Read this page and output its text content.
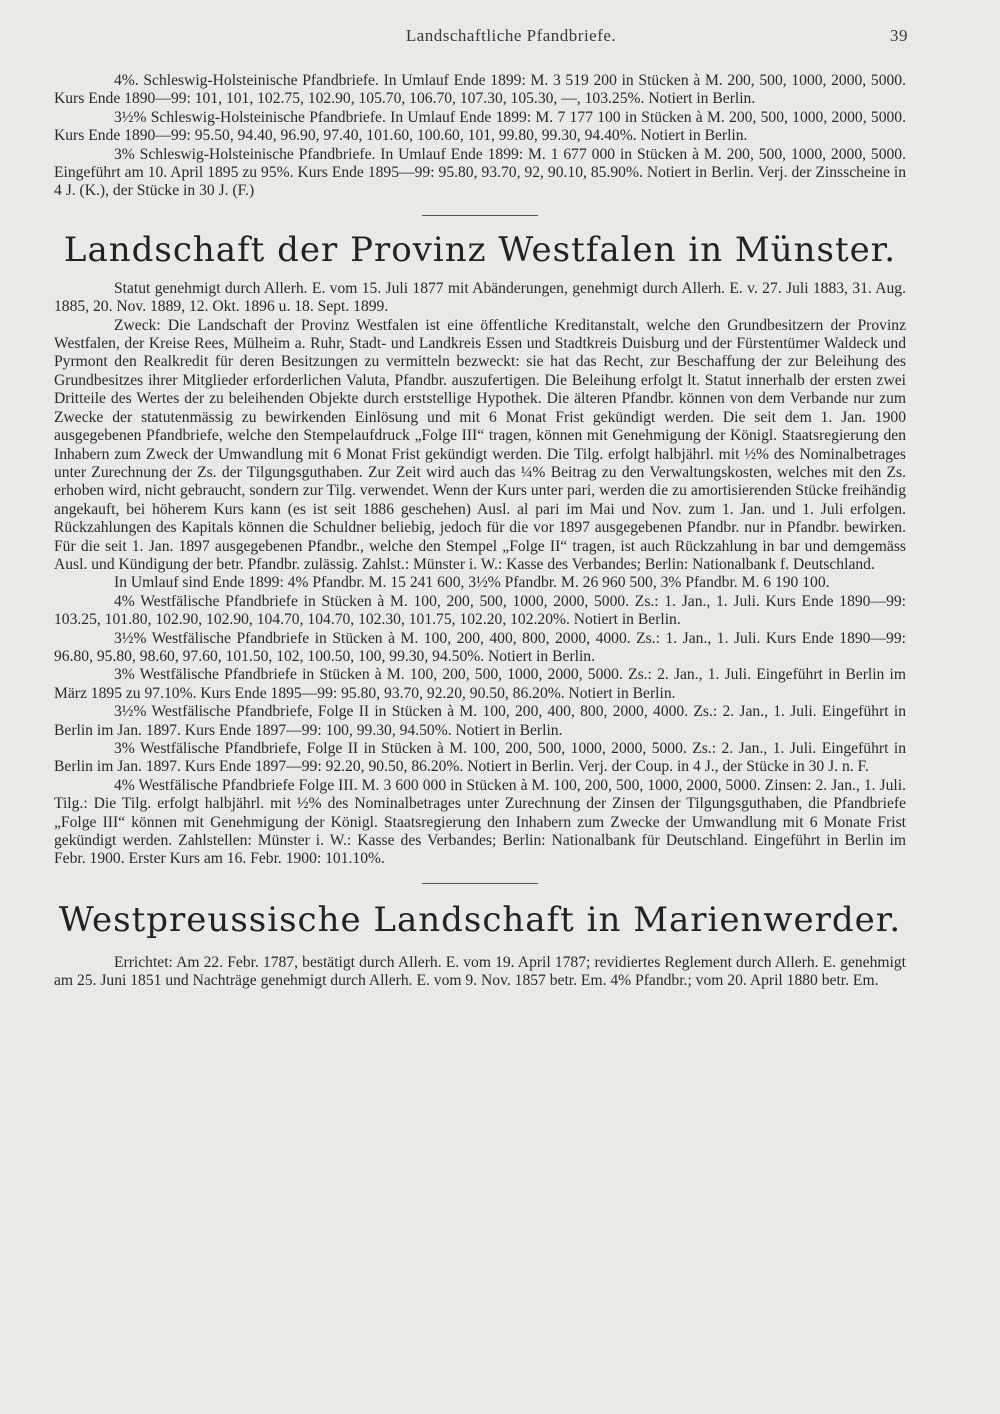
Landschaftliche Pfandbriefe.	39

4%. Schleswig-Holsteinische Pfandbriefe. In Umlauf Ende 1899: M. 3 519 200 in Stücken à M. 200, 500, 1000, 2000, 5000. Kurs Ende 1890—99: 101, 101, 102.75, 102.90, 105.70, 106.70, 107.30, 105.30, —, 103.25%. Notiert in Berlin.

3½% Schleswig-Holsteinische Pfandbriefe. In Umlauf Ende 1899: M. 7 177 100 in Stücken à M. 200, 500, 1000, 2000, 5000. Kurs Ende 1890—99: 95.50, 94.40, 96.90, 97.40, 101.60, 100.60, 101, 99.80, 99.30, 94.40%. Notiert in Berlin.

3% Schleswig-Holsteinische Pfandbriefe. In Umlauf Ende 1899: M. 1 677 000 in Stücken à M. 200, 500, 1000, 2000, 5000. Eingeführt am 10. April 1895 zu 95%. Kurs Ende 1895—99: 95.80, 93.70, 92, 90.10, 85.90%. Notiert in Berlin. Verj. der Zinsscheine in 4 J. (K.), der Stücke in 30 J. (F.)

Landschaft der Provinz Westfalen in Münster.

Statut genehmigt durch Allerh. E. vom 15. Juli 1877 mit Abänderungen, genehmigt durch Allerh. E. v. 27. Juli 1883, 31. Aug. 1885, 20. Nov. 1889, 12. Okt. 1896 u. 18. Sept. 1899.

Zweck: Die Landschaft der Provinz Westfalen ist eine öffentliche Kreditanstalt, welche den Grundbesitzern der Provinz Westfalen, der Kreise Rees, Mülheim a. Ruhr, Stadt- und Landkreis Essen und Stadtkreis Duisburg und der Fürstentümer Waldeck und Pyrmont den Realkredit für deren Besitzungen zu vermitteln bezweckt: sie hat das Recht, zur Beschaffung der zur Beleihung des Grundbesitzes ihrer Mitglieder erforderlichen Valuta, Pfandbr. auszufertigen. Die Beleihung erfolgt lt. Statut innerhalb der ersten zwei Dritteile des Wertes der zu beleihenden Objekte durch erststellige Hypothek. Die älteren Pfandbr. können von dem Verbande nur zum Zwecke der statutenmässig zu bewirkenden Einlösung und mit 6 Monat Frist gekündigt werden. Die seit dem 1. Jan. 1900 ausgegebenen Pfandbriefe, welche den Stempelaufdruck „Folge III“ tragen, können mit Genehmigung der Königl. Staatsregierung den Inhabern zum Zweck der Umwandlung mit 6 Monat Frist gekündigt werden. Die Tilg. erfolgt halbjährl. mit ½% des Nominalbetrages unter Zurechnung der Zs. der Tilgungsguthaben. Zur Zeit wird auch das ¼% Beitrag zu den Verwaltungskosten, welches mit den Zs. erhoben wird, nicht gebraucht, sondern zur Tilg. verwendet. Wenn der Kurs unter pari, werden die zu amortisierenden Stücke freihändig angekauft, bei höherem Kurs kann (es ist seit 1886 geschehen) Ausl. al pari im Mai und Nov. zum 1. Jan. und 1. Juli erfolgen. Rückzahlungen des Kapitals können die Schuldner beliebig, jedoch für die vor 1897 ausgegebenen Pfandbr. nur in Pfandbr. bewirken. Für die seit 1. Jan. 1897 ausgegebenen Pfandbr., welche den Stempel „Folge II“ tragen, ist auch Rückzahlung in bar und demgemäss Ausl. und Kündigung der betr. Pfandbr. zulässig. Zahlst.: Münster i. W.: Kasse des Verbandes; Berlin: Nationalbank f. Deutschland.

In Umlauf sind Ende 1899: 4% Pfandbr. M. 15 241 600, 3½% Pfandbr. M. 26 960 500, 3% Pfandbr. M. 6 190 100.

4% Westfälische Pfandbriefe in Stücken à M. 100, 200, 500, 1000, 2000, 5000. Zs.: 1. Jan., 1. Juli. Kurs Ende 1890—99: 103.25, 101.80, 102.90, 102.90, 104.70, 104.70, 102.30, 101.75, 102.20, 102.20%. Notiert in Berlin.

3½% Westfälische Pfandbriefe in Stücken à M. 100, 200, 400, 800, 2000, 4000. Zs.: 1. Jan., 1. Juli. Kurs Ende 1890—99: 96.80, 95.80, 98.60, 97.60, 101.50, 102, 100.50, 100, 99.30, 94.50%. Notiert in Berlin.

3% Westfälische Pfandbriefe in Stücken à M. 100, 200, 500, 1000, 2000, 5000. Zs.: 2. Jan., 1. Juli. Eingeführt in Berlin im März 1895 zu 97.10%. Kurs Ende 1895—99: 95.80, 93.70, 92.20, 90.50, 86.20%. Notiert in Berlin.

3½% Westfälische Pfandbriefe, Folge II in Stücken à M. 100, 200, 400, 800, 2000, 4000. Zs.: 2. Jan., 1. Juli. Eingeführt in Berlin im Jan. 1897. Kurs Ende 1897—99: 100, 99.30, 94.50%. Notiert in Berlin.

3% Westfälische Pfandbriefe, Folge II in Stücken à M. 100, 200, 500, 1000, 2000, 5000. Zs.: 2. Jan., 1. Juli. Eingeführt in Berlin im Jan. 1897. Kurs Ende 1897—99: 92.20, 90.50, 86.20%. Notiert in Berlin. Verj. der Coup. in 4 J., der Stücke in 30 J. n. F.

4% Westfälische Pfandbriefe Folge III. M. 3 600 000 in Stücken à M. 100, 200, 500, 1000, 2000, 5000. Zinsen: 2. Jan., 1. Juli. Tilg.: Die Tilg. erfolgt halbjährl. mit ½% des Nominalbetrages unter Zurechnung der Zinsen der Tilgungsguthaben, die Pfandbriefe „Folge III“ können mit Genehmigung der Königl. Staatsregierung den Inhabern zum Zwecke der Umwandlung mit 6 Monate Frist gekündigt werden. Zahlstellen: Münster i. W.: Kasse des Verbandes; Berlin: Nationalbank für Deutschland. Eingeführt in Berlin im Febr. 1900. Erster Kurs am 16. Febr. 1900: 101.10%.

Westpreussische Landschaft in Marienwerder.

Errichtet: Am 22. Febr. 1787, bestätigt durch Allerh. E. vom 19. April 1787; revidiertes Reglement durch Allerh. E. genehmigt am 25. Juni 1851 und Nachträge genehmigt durch Allerh. E. vom 9. Nov. 1857 betr. Em. 4% Pfandbr.; vom 20. April 1880 betr. Em.
